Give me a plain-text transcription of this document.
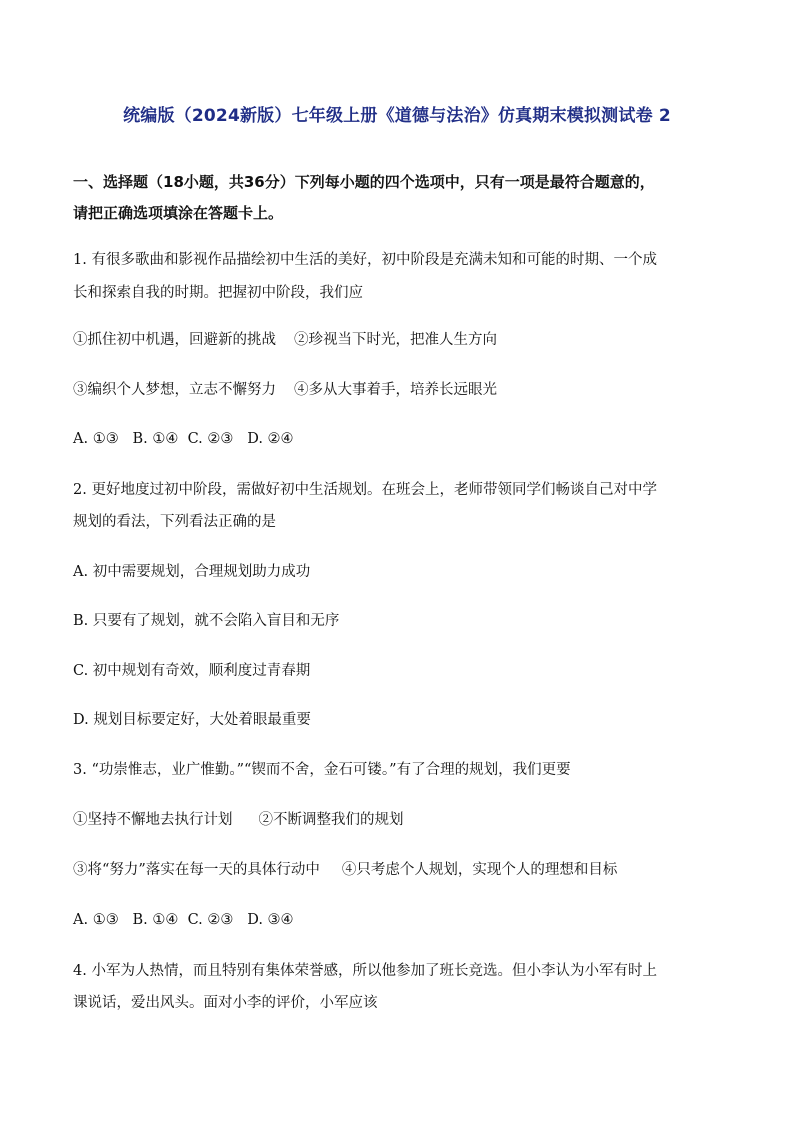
统编版（2024新版）七年级上册《道德与法治》仿真期末模拟测试卷 2
一、选择题（18小题，共36分）下列每小题的四个选项中，只有一项是最符合题意的，
请把正确选项填涂在答题卡上。
1. 有很多歌曲和影视作品描绘初中生活的美好，初中阶段是充满未知和可能的时期、一个成
长和探索自我的时期。把握初中阶段，我们应
①抓住初中机遇，回避新的挑战 ②珍视当下时光，把准人生方向
③编织个人梦想，立志不懈努力 ④多从大事着手，培养长远眼光
A. ①③   B. ①④  C. ②③   D. ②④
2. 更好地度过初中阶段，需做好初中生活规划。在班会上，老师带领同学们畅谈自己对中学
规划的看法，下列看法正确的是
A. 初中需要规划，合理规划助力成功
B. 只要有了规划，就不会陷入盲目和无序
C. 初中规划有奇效，顺利度过青春期
D. 规划目标要定好，大处着眼最重要
3. “功崇惟志，业广惟勤。”“锲而不舍，金石可镂。”有了合理的规划，我们更要
①坚持不懈地去执行计划 ②不断调整我们的规划
③将“努力”落实在每一天的具体行动中 ④只考虑个人规划，实现个人的理想和目标
A. ①③   B. ①④  C. ②③   D. ③④
4. 小军为人热情，而且特别有集体荣誉感，所以他参加了班长竞选。但小李认为小军有时上
课说话，爱出风头。面对小李的评价，小军应该
